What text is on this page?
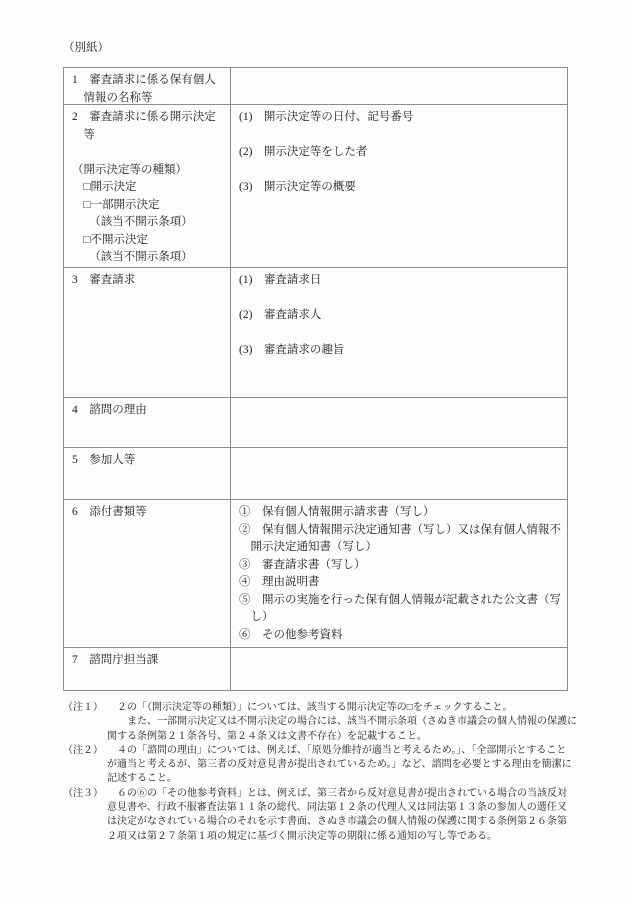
（別紙）
1　審査請求に係る保有個人
　情報の名称等
2　審査請求に係る開示決定
　等

（開示決定等の種類）
　□開示決定
　□一部開示決定
　　（該当不開示条項）
　□不開示決定
　　（該当不開示条項）
(1)　開示決定等の日付、記号番号

(2)　開示決定等をした者

(3)　開示決定等の概要
3　審査請求	(1)　審査請求日

(2)　審査請求人

(3)　審査請求の趣旨
4　諮問の理由
5　参加人等
6　添付書類等	①　保有個人情報開示請求書（写し）
②　保有個人情報開示決定通知書（写し）又は保有個人情報不
　開示決定通知書（写し）
③　審査請求書（写し）
④　理由説明書
⑤　開示の実施を行った保有個人情報が記載された公文書（写
　し）
⑥　その他参考資料
7　諮問庁担当課
（注１） 　２の「（開示決定等の種類）」については、該当する開示決定等の□をチェックすること。
　　また、一部開示決定又は不開示決定の場合には、該当不開示条項（さぬき市議会の個人情報の保護に
関する条例第２１条各号、第２４条又は文書不存在）を記載すること。
（注２） 　４の「諮問の理由」については、例えば、「原処分維持が適当と考えるため。」、「全部開示とすること
が適当と考えるが、第三者の反対意見書が提出されているため。」など、諮問を必要とする理由を簡潔に
記述すること。
（注３） 　６の⑥の「その他参考資料」とは、例えば、第三者から反対意見書が提出されている場合の当該反対
意見書や、行政不服審査法第１１条の総代、同法第１２条の代理人又は同法第１３条の参加人の選任又
は決定がなされている場合のそれを示す書面、さぬき市議会の個人情報の保護に関する条例第２６条第
２項又は第２７条第１項の規定に基づく開示決定等の期限に係る通知の写し等である。
